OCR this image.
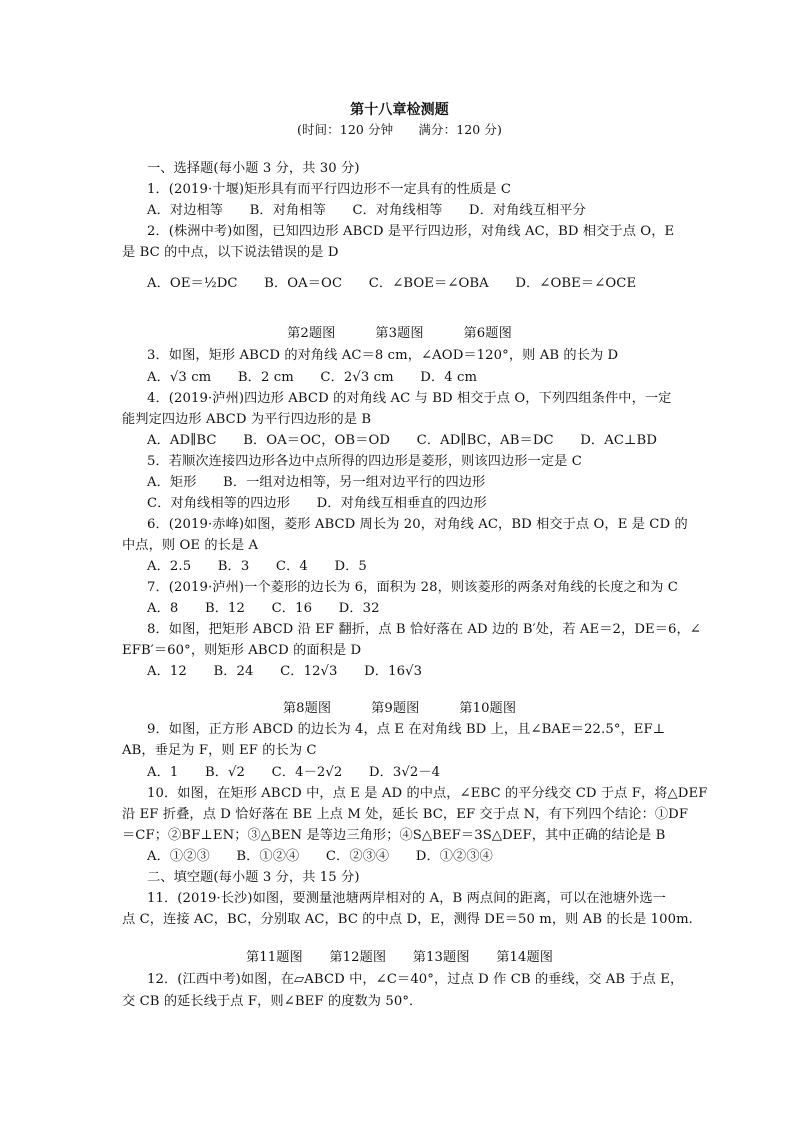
第十八章检测题
(时间：120 分钟　　满分：120 分)
一、选择题(每小题 3 分，共 30 分)
1．(2019·十堰)矩形具有而平行四边形不一定具有的性质是 C
A．对边相等　　B．对角相等　　C．对角线相等　　D．对角线互相平分
2．(株洲中考)如图，已知四边形 ABCD 是平行四边形，对角线 AC，BD 相交于点 O，E
是 BC 的中点，以下说法错误的是 D
A．OE＝½DC　　B．OA＝OC　　C．∠BOE＝∠OBA　　D．∠OBE＝∠OCE
第2题图　　　第3题图　　　第6题图
3．如图，矩形 ABCD 的对角线 AC＝8 cm，∠AOD＝120°，则 AB 的长为 D
A．√3 cm　　B．2 cm　　C．2√3 cm　　D．4 cm
4．(2019·泸州)四边形 ABCD 的对角线 AC 与 BD 相交于点 O，下列四组条件中，一定
能判定四边形 ABCD 为平行四边形的是 B
A．AD∥BC　　B．OA＝OC，OB＝OD　　C．AD∥BC，AB＝DC　　D．AC⊥BD
5．若顺次连接四边形各边中点所得的四边形是菱形，则该四边形一定是 C
A．矩形　　B．一组对边相等，另一组对边平行的四边形
C．对角线相等的四边形　　D．对角线互相垂直的四边形
6．(2019·赤峰)如图，菱形 ABCD 周长为 20，对角线 AC，BD 相交于点 O，E 是 CD 的
中点，则 OE 的长是 A
A．2.5　　B．3　　C．4　　D．5
7．(2019·泸州)一个菱形的边长为 6，面积为 28，则该菱形的两条对角线的长度之和为 C
A．8　　B．12　　C．16　　D．32
8．如图，把矩形 ABCD 沿 EF 翻折，点 B 恰好落在 AD 边的 B′处，若 AE＝2，DE＝6，∠
EFB′＝60°，则矩形 ABCD 的面积是 D
A．12　　B．24　　C．12√3　　D．16√3
第8题图　　　第9题图　　　第10题图
9．如图，正方形 ABCD 的边长为 4，点 E 在对角线 BD 上，且∠BAE＝22.5°，EF⊥
AB，垂足为 F，则 EF 的长为 C
A．1　　B．√2　　C．4－2√2　　D．3√2－4
10．如图，在矩形 ABCD 中，点 E 是 AD 的中点，∠EBC 的平分线交 CD 于点 F，将△DEF
沿 EF 折叠，点 D 恰好落在 BE 上点 M 处，延长 BC，EF 交于点 N，有下列四个结论：①DF
＝CF；②BF⊥EN；③△BEN 是等边三角形；④S△BEF＝3S△DEF，其中正确的结论是 B
A．①②③　　B．①②④　　C．②③④　　D．①②③④
二、填空题(每小题 3 分，共 15 分)
11．(2019·长沙)如图，要测量池塘两岸相对的 A，B 两点间的距离，可以在池塘外选一
点 C，连接 AC，BC，分别取 AC，BC 的中点 D，E，测得 DE＝50 m，则 AB 的长是 100m.
第11题图　　第12题图　　第13题图　　第14题图
12．(江西中考)如图，在▱ABCD 中，∠C＝40°，过点 D 作 CB 的垂线，交 AB 于点 E，
交 CB 的延长线于点 F，则∠BEF 的度数为 50°．
